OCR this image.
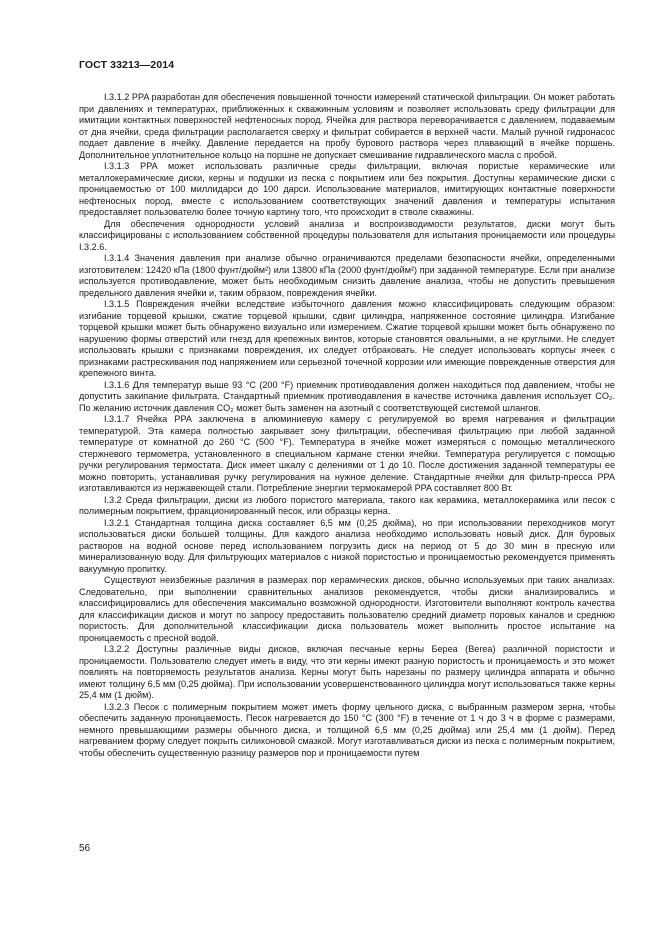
ГОСТ 33213—2014

I.3.1.2 PPA разработан для обеспечения повышенной точности измерений статической фильтрации. Он может работать при давлениях и температурах, приближенных к скважинным условиям и позволяет использовать среду фильтрации для имитации контактных поверхностей нефтеносных пород. Ячейка для раствора переворачивается с давлением, подаваемым от дна ячейки, среда фильтрации располагается сверху и фильтрат собирается в верхней части. Малый ручной гидронасос подает давление в ячейку. Давление передается на пробу бурового раствора через плавающий в ячейке поршень. Дополнительное уплотнительное кольцо на поршне не допускает смешивание гидравлического масла с пробой.

I.3.1.3 PPA может использовать различные среды фильтрации, включая пористые керамические или металлокерамические диски, керны и подушки из песка с покрытием или без покрытия. Доступны керамические диски с проницаемостью от 100 миллидарси до 100 дарси. Использование материалов, имитирующих контактные поверхности нефтеносных пород, вместе с использованием соответствующих значений давления и температуры испытания предоставляет пользователю более точную картину того, что происходит в стволе скважины.

Для обеспечения однородности условий анализа и воспроизводимости результатов, диски могут быть классифицированы с использованием собственной процедуры пользователя для испытания проницаемости или процедуры I.3.2.6.

I.3.1.4 Значения давления при анализе обычно ограничиваются пределами безопасности ячейки, определенными изготовителем: 12420 кПа (1800 фунт/дюйм²) или 13800 кПа (2000 фунт/дюйм²) при заданной температуре. Если при анализе используется противодавление, может быть необходимым снизить давление анализа, чтобы не допустить превышения предельного давления ячейки и, таким образом, повреждения ячейки.

I.3.1.5 Повреждения ячейки вследствие избыточного давления можно классифицировать следующим образом: изгибание торцевой крышки, сжатие торцевой крышки, сдвиг цилиндра, напряженное состояние цилиндра. Изгибание торцевой крышки может быть обнаружено визуально или измерением. Сжатие торцевой крышки может быть обнаружено по нарушению формы отверстий или гнезд для крепежных винтов, которые становятся овальными, а не круглыми. Не следует использовать крышки с признаками повреждения, их следует отбраковать. Не следует использовать корпусы ячеек с признаками растрескивания под напряжением или серьезной точечной коррозии или имеющие поврежденные отверстия для крепежного винта.

I.3.1.6 Для температур выше 93 °С (200 °F) приемник противодавления должен находиться под давлением, чтобы не допустить закипание фильтрата. Стандартный приемник противодавления в качестве источника давления использует CO₂. По желанию источник давления CO₂ может быть заменен на азотный с соответствующей системой шлангов.

I.3.1.7 Ячейка PPA заключена в алюминиевую камеру с регулируемой во время нагревания и фильтрации температурой. Эта камера полностью закрывает зону фильтрации, обеспечивая фильтрацию при любой заданной температуре от комнатной до 260 °С (500 °F). Температура в ячейке может измеряться с помощью металлического стержневого термометра, установленного в специальном кармане стенки ячейки. Температура регулируется с помощью ручки регулирования термостата. Диск имеет шкалу с делениями от 1 до 10. После достижения заданной температуры ее можно повторить, устанавливая ручку регулирования на нужное деление. Стандартные ячейки для фильтр-пресса PPA изготавливаются из нержавеющей стали. Потребление энергии термокамерой PPA составляет 800 Вт.

I.3.2 Среда фильтрации, диски из любого пористого материала, такого как керамика, металлокерамика или песок с полимерным покрытием, фракционированный песок, или образцы керна.

I.3.2.1 Стандартная толщина диска составляет 6,5 мм (0,25 дюйма), но при использовании переходников могут использоваться диски большей толщины. Для каждого анализа необходимо использовать новый диск. Для буровых растворов на водной основе перед использованием погрузить диск на период от 5 до 30 мин в пресную или минерализованную воду. Для фильтрующих материалов с низкой пористостью и проницаемостью рекомендуется применять вакуумную пропитку.

Существуют неизбежные различия в размерах пор керамических дисков, обычно используемых при таких анализах. Следовательно, при выполнении сравнительных анализов рекомендуется, чтобы диски анализировались и классифицировались для обеспечения максимально возможной однородности. Изготовители выполняют контроль качества для классификации дисков и могут по запросу предоставить пользователю средний диаметр поровых каналов и среднюю пористость. Для дополнительной классификации диска пользователь может выполнить простое испытание на проницаемость с пресной водой.

I.3.2.2 Доступны различные виды дисков, включая песчаные керны Береа (Berea) различной пористости и проницаемости. Пользователю следует иметь в виду, что эти керны имеют разную пористость и проницаемость и это может повлиять на повторяемость результатов анализа. Керны могут быть нарезаны по размеру цилиндра аппарата и обычно имеют толщину 6,5 мм (0,25 дюйма). При использовании усовершенствованного цилиндра могут использоваться также керны 25,4 мм (1 дюйм).

I.3.2.3 Песок с полимерным покрытием может иметь форму цельного диска, с выбранным размером зерна, чтобы обеспечить заданную проницаемость. Песок нагревается до 150 °С (300 °F) в течение от 1 ч до 3 ч в форме с размерами, немного превышающими размеры обычного диска, и толщиной 6,5 мм (0,25 дюйма) или 25,4 мм (1 дюйм). Перед нагреванием форму следует покрыть силиконовой смазкой. Могут изготавливаться диски из песка с полимерным покрытием, чтобы обеспечить существенную разницу размеров пор и проницаемости путем

56
